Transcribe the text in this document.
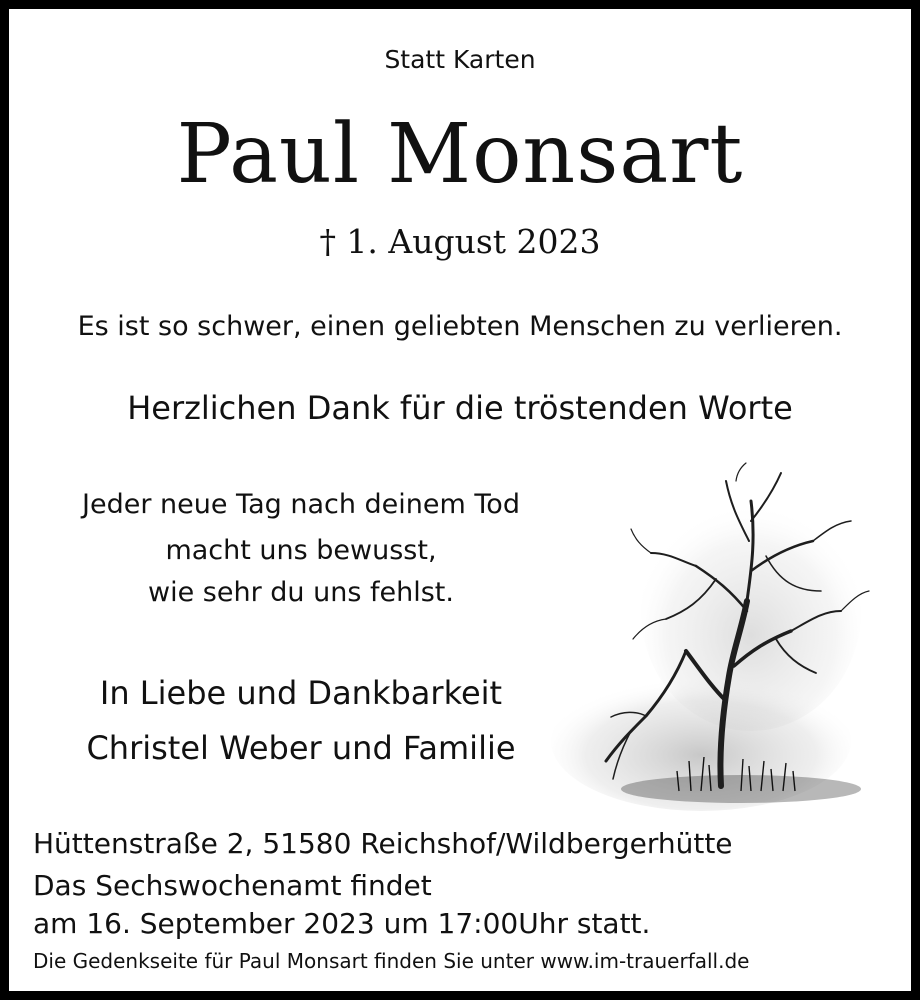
Statt Karten
Paul Monsart
† 1. August 2023
Es ist so schwer, einen geliebten Menschen zu verlieren.
Herzlichen Dank für die tröstenden Worte
Jeder neue Tag nach deinem Tod
macht uns bewusst,
wie sehr du uns fehlst.
In Liebe und Dankbarkeit
Christel Weber und Familie
Hüttenstraße 2, 51580 Reichshof/Wildbergerhütte
Das Sechswochenamt findet
am 16. September 2023 um 17:00Uhr statt.
Die Gedenkseite für Paul Monsart finden Sie unter www.im-trauerfall.de
